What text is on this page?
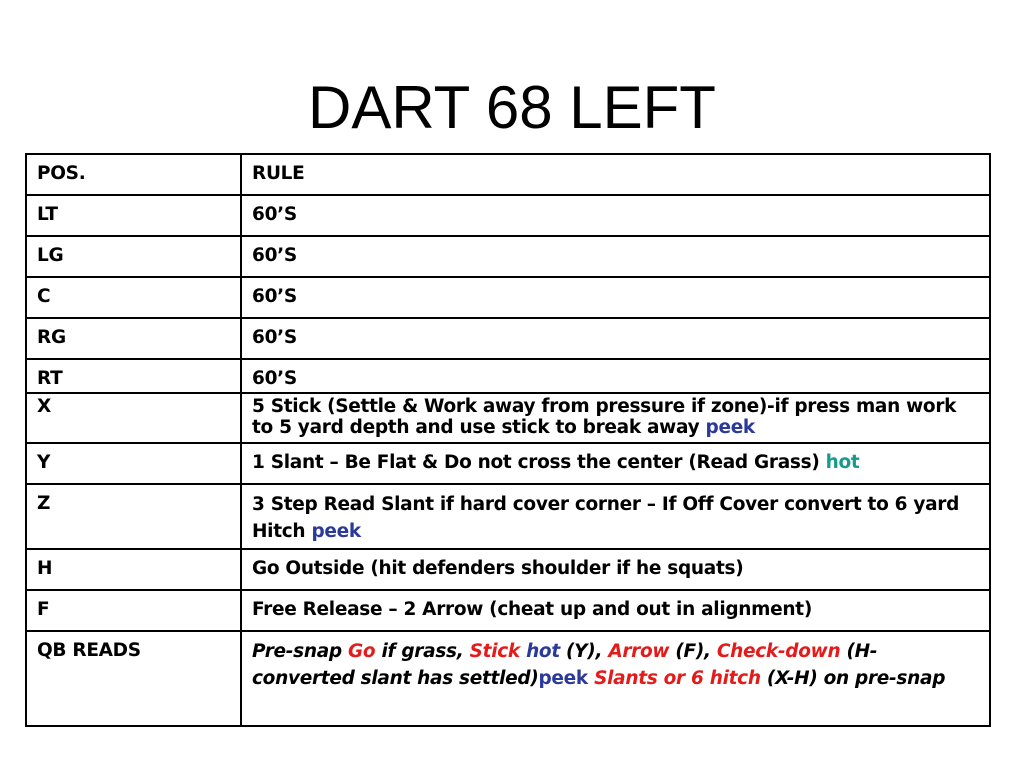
DART 68 LEFT
POS.	RULE
LT	60’S
LG	60’S
C	60’S
RG	60’S
RT	60’S
X	5 Stick (Settle & Work away from pressure if zone)-if press man work to 5 yard depth and use stick to break away peek
Y	1 Slant – Be Flat & Do not cross the center (Read Grass) hot
Z	3 Step Read Slant if hard cover corner – If Off Cover convert to 6 yard Hitch peek
H	Go Outside (hit defenders shoulder if he squats)
F	Free Release – 2 Arrow (cheat up and out in alignment)
QB READS	Pre-snap Go if grass, Stick hot (Y), Arrow (F), Check-down (H-converted slant has settled)peek Slants or 6 hitch (X-H) on pre-snap
